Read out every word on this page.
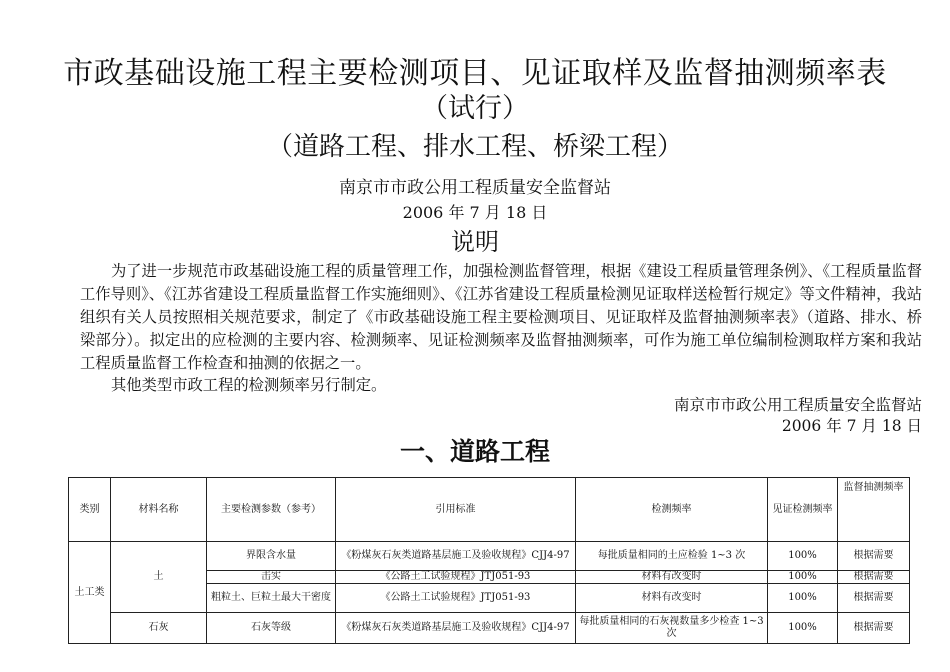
市政基础设施工程主要检测项目、见证取样及监督抽测频率表
（试行）
（道路工程、排水工程、桥梁工程）
南京市市政公用工程质量安全监督站
2006 年 7 月 18 日
说明
为了进一步规范市政基础设施工程的质量管理工作，加强检测监督管理，根据《建设工程质量管理条例》、《工程质量监督工作导则》、《江苏省建设工程质量监督工作实施细则》、《江苏省建设工程质量检测见证取样送检暂行规定》等文件精神，我站组织有关人员按照相关规范要求，制定了《市政基础设施工程主要检测项目、见证取样及监督抽测频率表》（道路、排水、桥梁部分）。拟定出的应检测的主要内容、检测频率、见证检测频率及监督抽测频率，可作为施工单位编制检测取样方案和我站工程质量监督工作检查和抽测的依据之一。
其他类型市政工程的检测频率另行制定。
南京市市政公用工程质量安全监督站
2006 年 7 月 18 日
一、道路工程
类别	材料名称	主要检测参数（参考）	引用标准	检测频率	见证检测频率	监督抽测频率
土工类	土	界限含水量	《粉煤灰石灰类道路基层施工及验收规程》CJJ4-97	每批质量相同的土应检验 1~3 次	100%	根据需要
		击实	《公路土工试验规程》JTJ051-93	材料有改变时	100%	根据需要
		粗粒土、巨粒土最大干密度	《公路土工试验规程》JTJ051-93	材料有改变时	100%	根据需要
	石灰	石灰等级	《粉煤灰石灰类道路基层施工及验收规程》CJJ4-97	每批质量相同的石灰视数量多少检查 1~3 次	100%	根据需要
